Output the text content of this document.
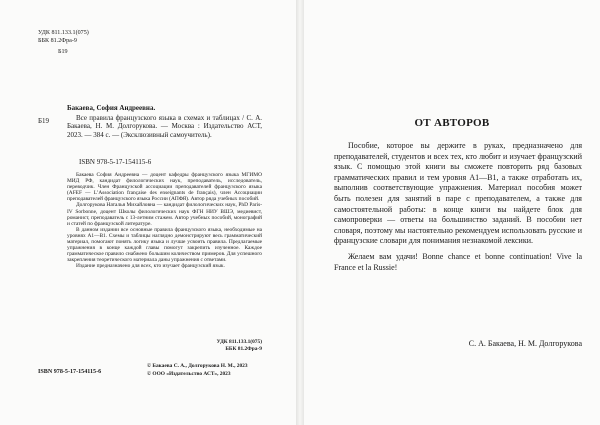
УДК 811.133.1(075)
ББК 81.2Фра-9
Б19
Бакаева, София Андреевна.
Б19	Все правила французского языка в схемах и таблицах / С. А. Бакаева, Н. М. Долгорукова. — Москва : Издательство АСТ, 2023. — 384 с. — (Эксклюзивный самоучитель).

ISBN 978-5-17-154115-6

Бакаева София Андреевна — доцент кафедры французского языка МГИМО МИД РФ, кандидат филологических наук, преподаватель, исследователь, переводчик. Член Французской ассоциации преподавателей французского языка (AFEF — L’Association française des enseignants de français), член Ассоциации преподавателей французского языка России (АПФЯ). Автор ряда учебных пособий.

Долгорукова Наталья Михайловна — кандидат филологических наук, PhD Paris-IV Sorbonne, доцент Школы филологических наук ФГН НИУ ВШЭ, медиевист, романист, преподаватель с 13-летним стажем. Автор учебных пособий, монографий и статей по французской литературе.

В данном издании все основные правила французского языка, необходимые на уровнях A1—B1. Схемы и таблицы наглядно демонстрируют весь грамматический материал, помогают понять логику языка и лучше усвоить правила. Предлагаемые упражнения в конце каждой главы помогут закрепить изученное. Каждое грамматическое правило снабжено большим количеством примеров. Для успешного закрепления теоретического материала даны упражнения с ответами.

Издание предназначено для всех, кто изучает французский язык.

УДК 811.133.1(075)
ББК 81.2Фра-9
ISBN 978-5-17-154115-6
© Бакаева С. А., Долгорукова Н. М., 2023
© ООО «Издательство АСТ», 2023
ОТ АВТОРОВ

Пособие, которое вы держите в руках, предназначено для преподавателей, студентов и всех тех, кто любит и изучает французский язык. С помощью этой книги вы сможете повторить ряд базовых грамматических правил и тем уровня A1—B1, а также отработать их, выполнив соответствующие упражнения. Материал пособия может быть полезен для занятий в паре с преподавателем, а также для самостоятельной работы: в конце книги вы найдете блок для самопроверки — ответы на большинство заданий. В пособии нет словаря, поэтому мы настоятельно рекомендуем использовать русские и французские словари для понимания незнакомой лексики.

Желаем вам удачи! Bonne chance et bonne continuation! Vive la France et la Russie!

С. А. Бакаева, Н. М. Долгорукова
